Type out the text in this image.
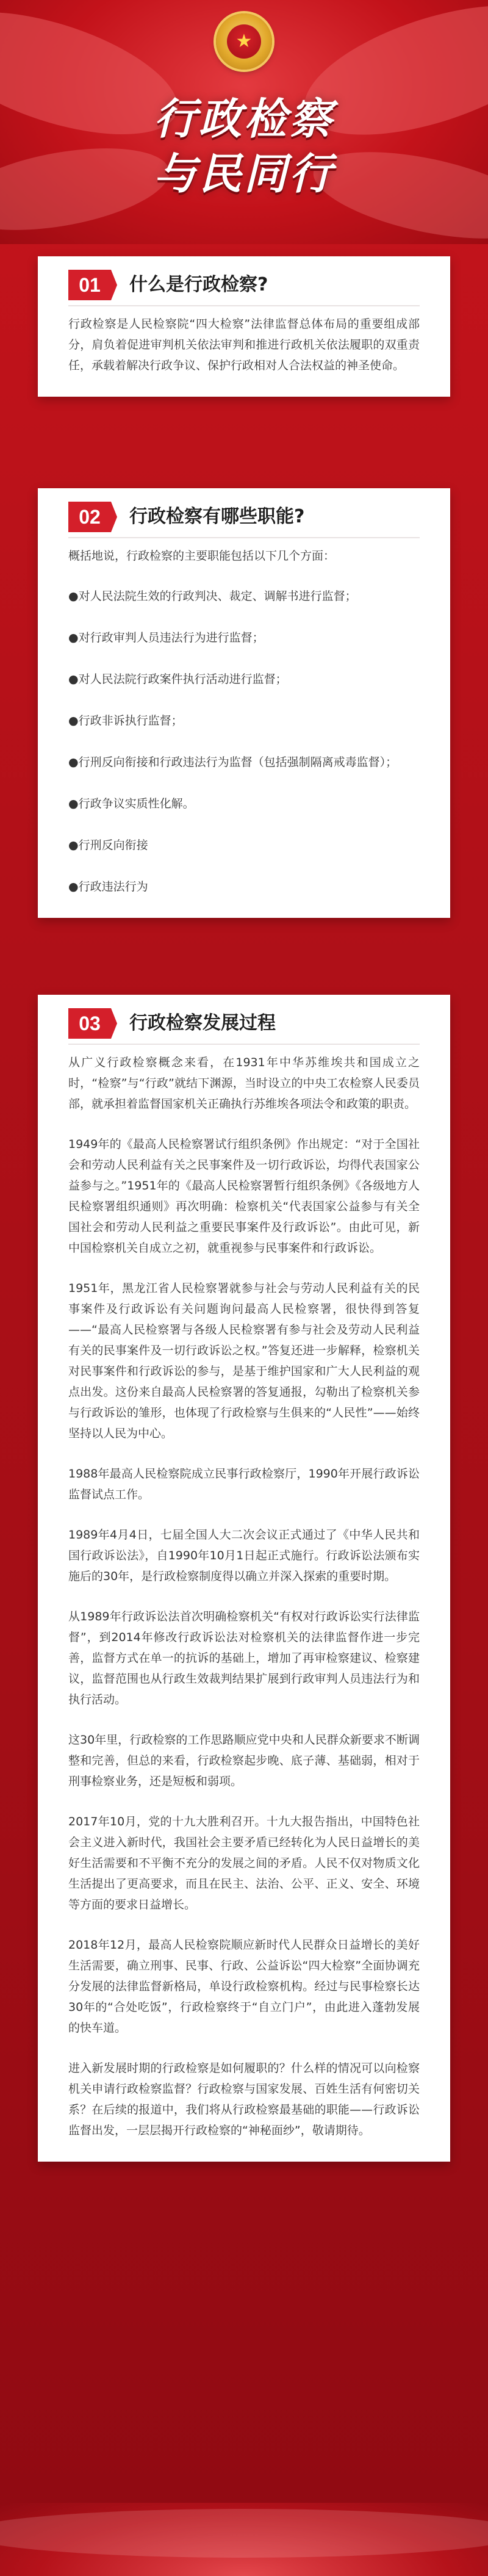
★
行政检察
与民同行
01	什么是行政检察?

行政检察是人民检察院“四大检察”法律监督总体布局的重要组成部分，肩负着促进审判机关依法审判和推进行政机关依法履职的双重责任，承载着解决行政争议、保护行政相对人合法权益的神圣使命。

02	行政检察有哪些职能?

概括地说，行政检察的主要职能包括以下几个方面：

●对人民法院生效的行政判决、裁定、调解书进行监督；
●对行政审判人员违法行为进行监督；
●对人民法院行政案件执行活动进行监督；
●行政非诉执行监督；
●行刑反向衔接和行政违法行为监督（包括强制隔离戒毒监督）；
●行政争议实质性化解。
●行刑反向衔接
●行政违法行为
03	行政检察发展过程

从广义行政检察概念来看，在1931年中华苏维埃共和国成立之时，“检察”与“行政”就结下渊源，当时设立的中央工农检察人民委员部，就承担着监督国家机关正确执行苏维埃各项法令和政策的职责。

1949年的《最高人民检察署试行组织条例》作出规定：“对于全国社会和劳动人民利益有关之民事案件及一切行政诉讼，均得代表国家公益参与之。”1951年的《最高人民检察署暂行组织条例》《各级地方人民检察署组织通则》再次明确：检察机关“代表国家公益参与有关全国社会和劳动人民利益之重要民事案件及行政诉讼”。由此可见，新中国检察机关自成立之初，就重视参与民事案件和行政诉讼。

1951年，黑龙江省人民检察署就参与社会与劳动人民利益有关的民事案件及行政诉讼有关问题询问最高人民检察署，很快得到答复——“最高人民检察署与各级人民检察署有参与社会及劳动人民利益有关的民事案件及一切行政诉讼之权。”答复还进一步解释，检察机关对民事案件和行政诉讼的参与，是基于维护国家和广大人民利益的观点出发。这份来自最高人民检察署的答复通报，勾勒出了检察机关参与行政诉讼的雏形，也体现了行政检察与生俱来的“人民性”——始终坚持以人民为中心。

1988年最高人民检察院成立民事行政检察厅，1990年开展行政诉讼监督试点工作。

1989年4月4日，七届全国人大二次会议正式通过了《中华人民共和国行政诉讼法》，自1990年10月1日起正式施行。行政诉讼法颁布实施后的30年，是行政检察制度得以确立并深入探索的重要时期。

从1989年行政诉讼法首次明确检察机关“有权对行政诉讼实行法律监督”，到2014年修改行政诉讼法对检察机关的法律监督作进一步完善，监督方式在单一的抗诉的基础上，增加了再审检察建议、检察建议，监督范围也从行政生效裁判结果扩展到行政审判人员违法行为和执行活动。

这30年里，行政检察的工作思路顺应党中央和人民群众新要求不断调整和完善，但总的来看，行政检察起步晚、底子薄、基础弱，相对于刑事检察业务，还是短板和弱项。

2017年10月，党的十九大胜利召开。十九大报告指出，中国特色社会主义进入新时代，我国社会主要矛盾已经转化为人民日益增长的美好生活需要和不平衡不充分的发展之间的矛盾。人民不仅对物质文化生活提出了更高要求，而且在民主、法治、公平、正义、安全、环境等方面的要求日益增长。

2018年12月，最高人民检察院顺应新时代人民群众日益增长的美好生活需要，确立刑事、民事、行政、公益诉讼“四大检察”全面协调充分发展的法律监督新格局，单设行政检察机构。经过与民事检察长达30年的“合处吃饭”，行政检察终于“自立门户”，由此进入蓬勃发展的快车道。

进入新发展时期的行政检察是如何履职的？什么样的情况可以向检察机关申请行政检察监督？行政检察与国家发展、百姓生活有何密切关系？在后续的报道中，我们将从行政检察最基础的职能——行政诉讼监督出发，一层层揭开行政检察的“神秘面纱”，敬请期待。
